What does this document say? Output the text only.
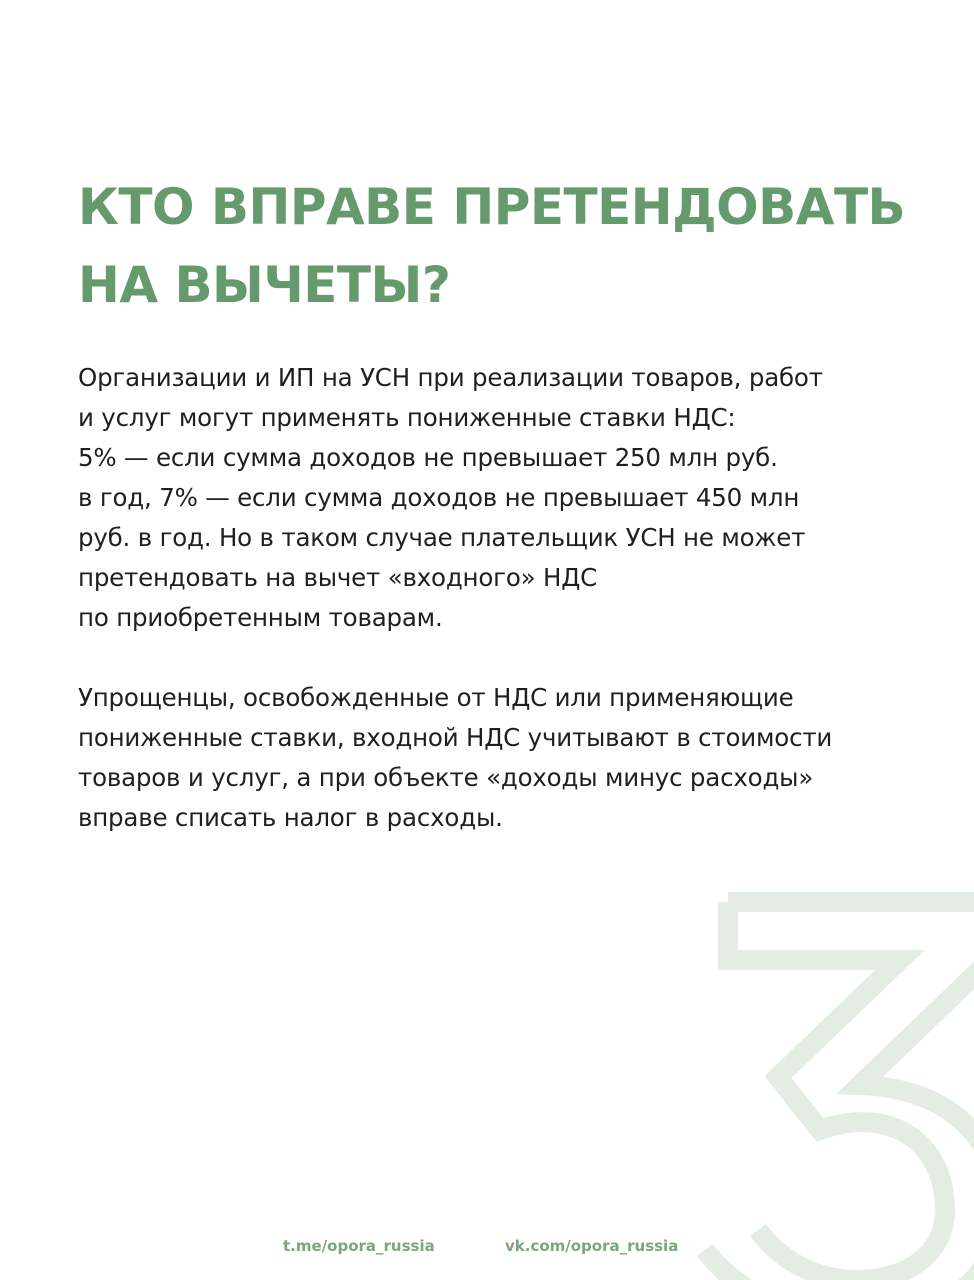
КТО ВПРАВЕ ПРЕТЕНДОВАТЬ
НА ВЫЧЕТЫ?

Организации и ИП на УСН при реализации товаров, работ
и услуг могут применять пониженные ставки НДС:
5% — если сумма доходов не превышает 250 млн руб.
в год, 7% — если сумма доходов не превышает 450 млн
руб. в год. Но в таком случае плательщик УСН не может
претендовать на вычет «входного» НДС
по приобретенным товарам.

Упрощенцы, освобожденные от НДС или применяющие
пониженные ставки, входной НДС учитывают в стоимости
товаров и услуг, а при объекте «доходы минус расходы»
вправе списать налог в расходы.

t.me/opora_russia	vk.com/opora_russia
